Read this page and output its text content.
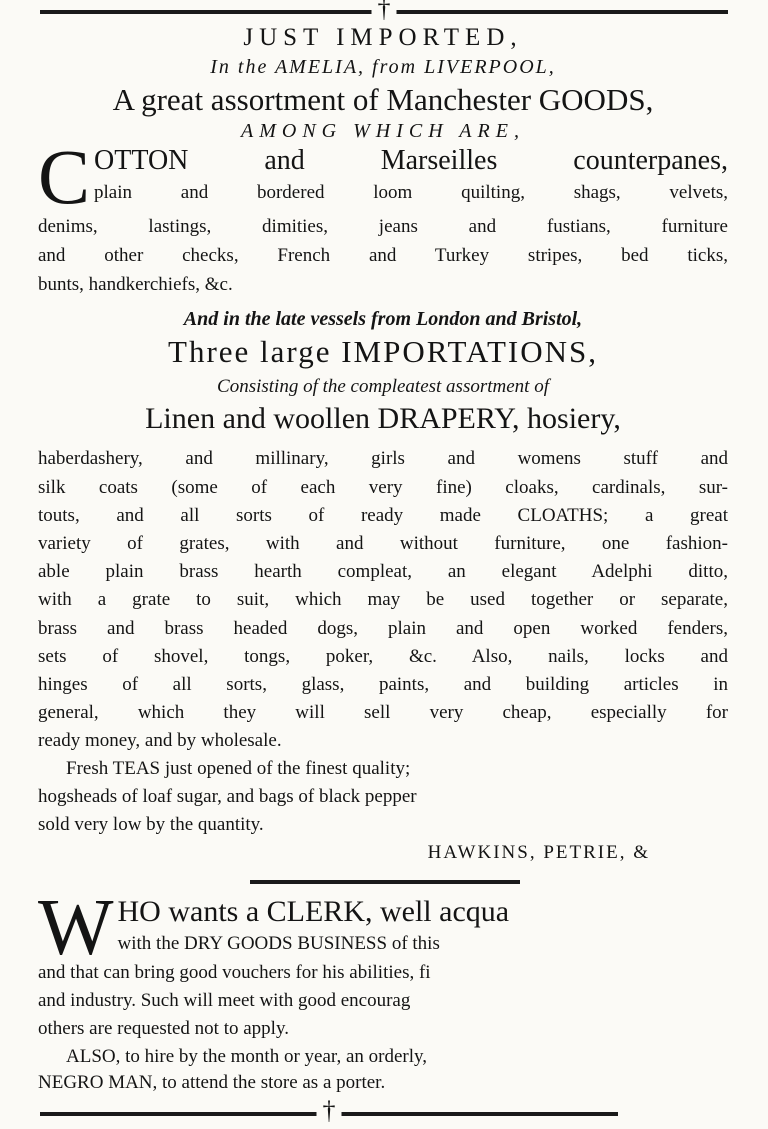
†
JUST IMPORTED,
In the AMELIA, from LIVERPOOL,
A great assortment of Manchester GOODS,
AMONG WHICH ARE,
C OTTON and Marseilles counterpanes,
plain and bordered loom quilting, shags, velvets,
denims, lastings, dimities, jeans and fustians, furniture
and other checks, French and Turkey stripes, bed ticks,
bunts, handkerchiefs, &c.
And in the late vessels from London and Bristol,
Three large IMPORTATIONS,
Consisting of the compleatest assortment of
Linen and woollen DRAPERY, hosiery,
haberdashery, and millinary, girls and womens stuff and
silk coats (some of each very fine) cloaks, cardinals, sur-
touts, and all sorts of ready made CLOATHS; a great
variety of grates, with and without furniture, one fashion-
able plain brass hearth compleat, an elegant Adelphi ditto,
with a grate to suit, which may be used together or separate,
brass and brass headed dogs, plain and open worked fenders,
sets of shovel, tongs, poker, &c. Also, nails, locks and
hinges of all sorts, glass, paints, and building articles in
general, which they will sell very cheap, especially for
ready money, and by wholesale.
Fresh TEAS just opened of the finest quality;
hogsheads of loaf sugar, and bags of black pepper
sold very low by the quantity.
HAWKINS, PETRIE, &
W HO wants a CLERK, well acqua
with the DRY GOODS BUSINESS of this
and that can bring good vouchers for his abilities, fi
and industry. Such will meet with good encourag
others are requested not to apply.
ALSO, to hire by the month or year, an orderly,
NEGRO MAN, to attend the store as a porter.
†
